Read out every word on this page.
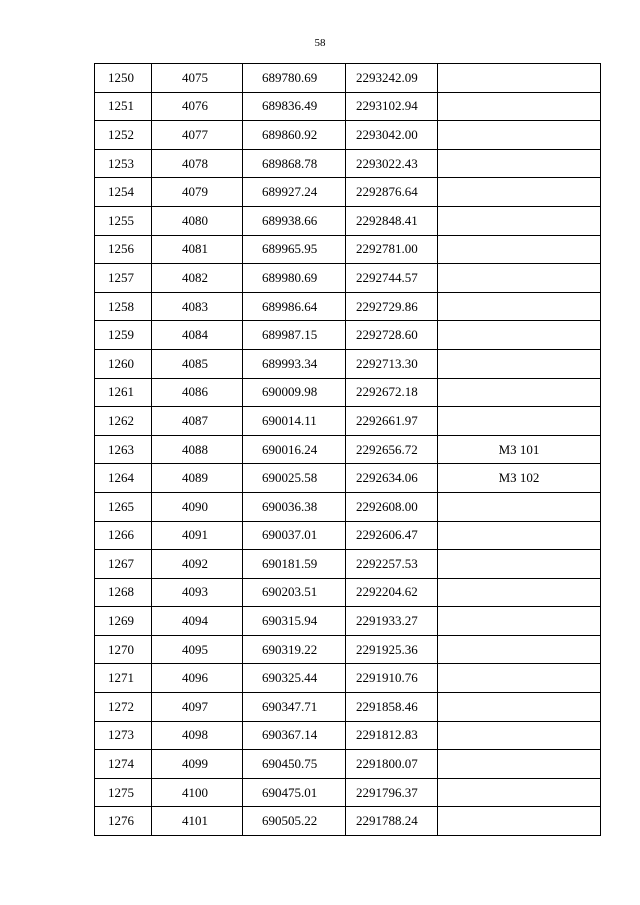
58
1250	4075	689780.69	2293242.09	
1251	4076	689836.49	2293102.94	
1252	4077	689860.92	2293042.00	
1253	4078	689868.78	2293022.43	
1254	4079	689927.24	2292876.64	
1255	4080	689938.66	2292848.41	
1256	4081	689965.95	2292781.00	
1257	4082	689980.69	2292744.57	
1258	4083	689986.64	2292729.86	
1259	4084	689987.15	2292728.60	
1260	4085	689993.34	2292713.30	
1261	4086	690009.98	2292672.18	
1262	4087	690014.11	2292661.97	
1263	4088	690016.24	2292656.72	МЗ 101
1264	4089	690025.58	2292634.06	МЗ 102
1265	4090	690036.38	2292608.00	
1266	4091	690037.01	2292606.47	
1267	4092	690181.59	2292257.53	
1268	4093	690203.51	2292204.62	
1269	4094	690315.94	2291933.27	
1270	4095	690319.22	2291925.36	
1271	4096	690325.44	2291910.76	
1272	4097	690347.71	2291858.46	
1273	4098	690367.14	2291812.83	
1274	4099	690450.75	2291800.07	
1275	4100	690475.01	2291796.37	
1276	4101	690505.22	2291788.24	
